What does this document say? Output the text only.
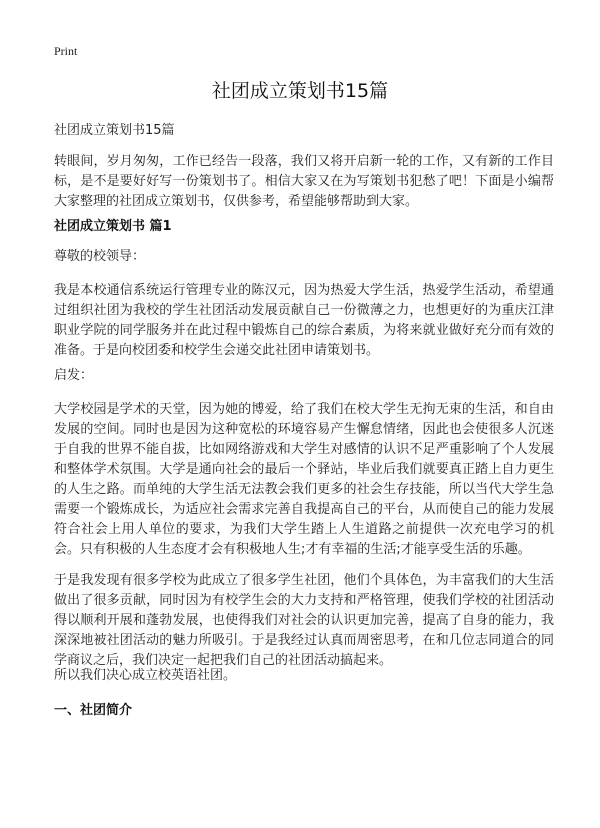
Print
社团成立策划书15篇

社团成立策划书15篇

转眼间，岁月匆匆，工作已经告一段落，我们又将开启新一轮的工作，又有新的工作目标，是不是要好好写一份策划书了。相信大家又在为写策划书犯愁了吧！下面是小编帮大家整理的社团成立策划书，仅供参考，希望能够帮助到大家。

社团成立策划书 篇1

尊敬的校领导：

我是本校通信系统运行管理专业的陈汉元，因为热爱大学生活，热爱学生活动，希望通过组织社团为我校的学生社团活动发展贡献自己一份微薄之力，也想更好的为重庆江津职业学院的同学服务并在此过程中锻炼自己的综合素质，为将来就业做好充分而有效的准备。于是向校团委和校学生会递交此社团申请策划书。

启发：

大学校园是学术的天堂，因为她的博爱，给了我们在校大学生无拘无束的生活，和自由发展的空间。同时也是因为这种宽松的环境容易产生懈怠情绪，因此也会使很多人沉迷于自我的世界不能自拔，比如网络游戏和大学生对感情的认识不足严重影响了个人发展和整体学术氛围。大学是通向社会的最后一个驿站，毕业后我们就要真正踏上自力更生的人生之路。而单纯的大学生活无法教会我们更多的社会生存技能，所以当代大学生急需要一个锻炼成长，为适应社会需求完善自我提高自己的平台，从而使自己的能力发展符合社会上用人单位的要求，为我们大学生踏上人生道路之前提供一次充电学习的机会。只有积极的人生态度才会有积极地人生;才有幸福的生活;才能享受生活的乐趣。

于是我发现有很多学校为此成立了很多学生社团，他们个具体色，为丰富我们的大生活做出了很多贡献，同时因为有校学生会的大力支持和严格管理，使我们学校的社团活动得以顺利开展和蓬勃发展，也使得我们对社会的认识更加完善，提高了自身的能力，我深深地被社团活动的魅力所吸引。于是我经过认真而周密思考，在和几位志同道合的同学商议之后，我们决定一起把我们自己的社团活动搞起来。

所以我们决心成立校英语社团。

一、社团简介
